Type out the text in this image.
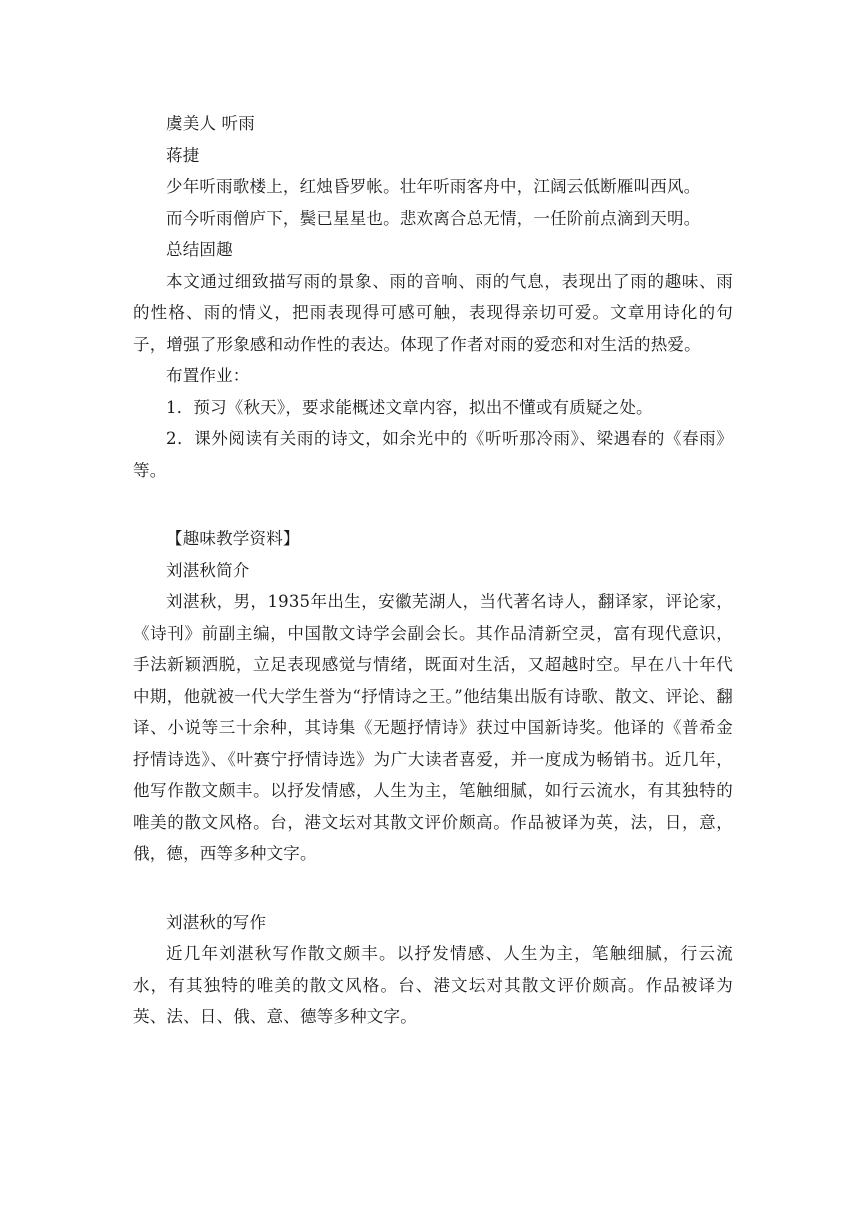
虞美人 听雨

蒋捷

少年听雨歌楼上，红烛昏罗帐。壮年听雨客舟中，江阔云低断雁叫西风。

而今听雨僧庐下，鬓已星星也。悲欢离合总无情，一任阶前点滴到天明。

总结固趣

本文通过细致描写雨的景象、雨的音响、雨的气息，表现出了雨的趣味、雨的性格、雨的情义，把雨表现得可感可触，表现得亲切可爱。文章用诗化的句子，增强了形象感和动作性的表达。体现了作者对雨的爱恋和对生活的热爱。

布置作业：

1．预习《秋天》，要求能概述文章内容，拟出不懂或有质疑之处。

2．课外阅读有关雨的诗文，如余光中的《听听那冷雨》、梁遇春的《春雨》等。

【趣味教学资料】

刘湛秋简介

刘湛秋，男，1935年出生，安徽芜湖人，当代著名诗人，翻译家，评论家，《诗刊》前副主编，中国散文诗学会副会长。其作品清新空灵，富有现代意识，手法新颖洒脱，立足表现感觉与情绪，既面对生活，又超越时空。早在八十年代中期，他就被一代大学生誉为“抒情诗之王。”他结集出版有诗歌、散文、评论、翻译、小说等三十余种，其诗集《无题抒情诗》获过中国新诗奖。他译的《普希金抒情诗选》、《叶赛宁抒情诗选》为广大读者喜爱，并一度成为畅销书。近几年，他写作散文颇丰。以抒发情感，人生为主，笔触细腻，如行云流水，有其独特的唯美的散文风格。台，港文坛对其散文评价颇高。作品被译为英，法，日，意，俄，德，西等多种文字。

刘湛秋的写作

近几年刘湛秋写作散文颇丰。以抒发情感、人生为主，笔触细腻，行云流水，有其独特的唯美的散文风格。台、港文坛对其散文评价颇高。作品被译为英、法、日、俄、意、德等多种文字。
